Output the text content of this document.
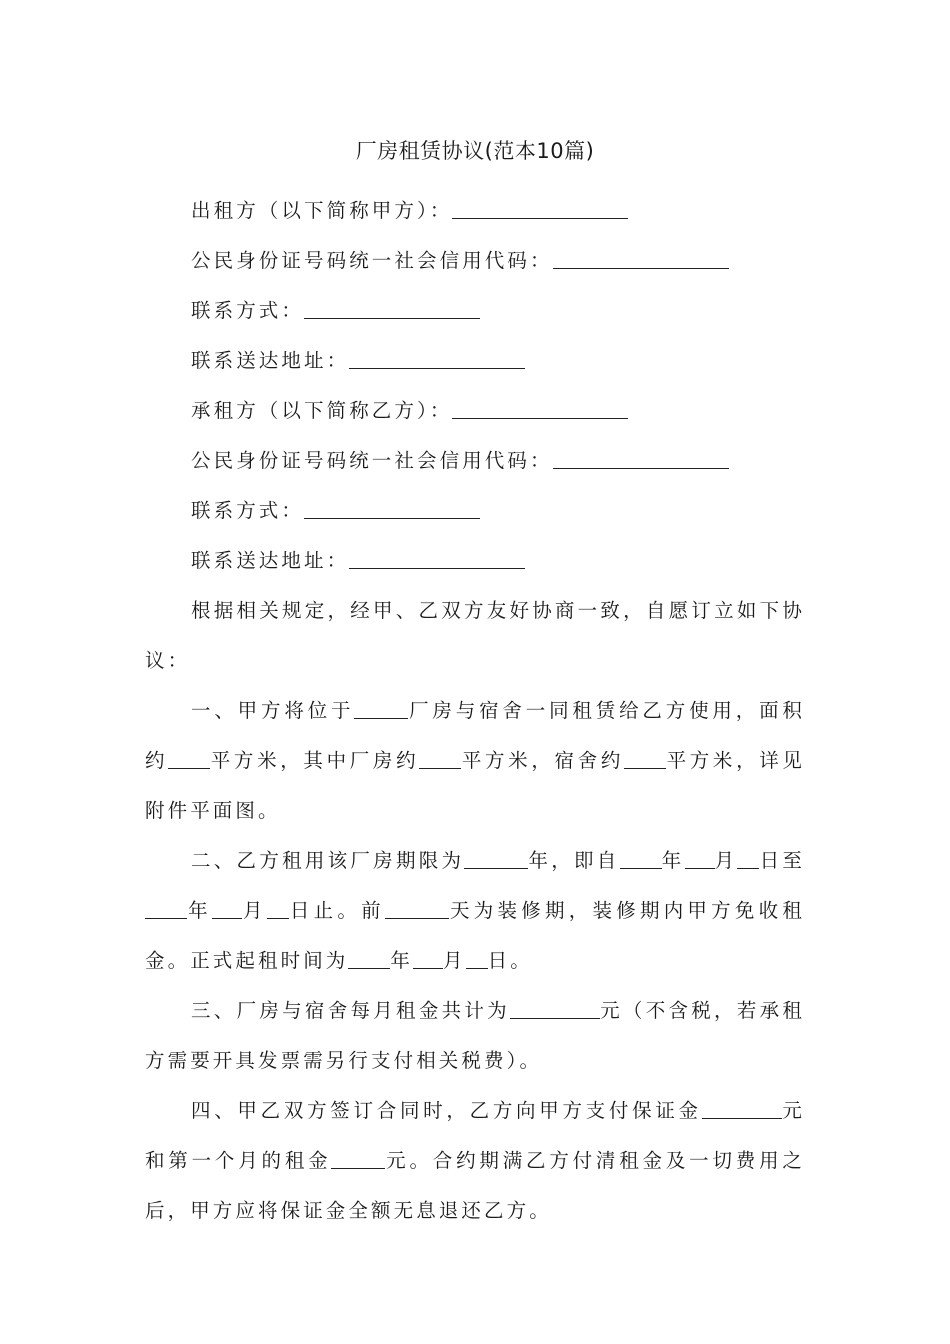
厂房租赁协议(范本10篇)

出租方（以下简称甲方）：

公民身份证号码统一社会信用代码：

联系方式：

联系送达地址：

承租方（以下简称乙方）：

公民身份证号码统一社会信用代码：

联系方式：

联系送达地址：

根据相关规定，经甲、乙双方友好协商一致，自愿订立如下协议：

一、甲方将位于	厂房与宿舍一同租赁给乙方使用，面积约 平方米，其中厂房约 平方米，宿舍约 平方米，详见附件平面图。

二、乙方租用该厂房期限为	年，即自 年 月 日至年 月 日止。前	天为装修期，装修期内甲方免收租金。正式起租时间为 年 月 日。

三、厂房与宿舍每月租金共计为	元（不含税，若承租方需要开具发票需另行支付相关税费）。

四、甲乙双方签订合同时，乙方向甲方支付保证金	元和第一个月的租金	元。合约期满乙方付清租金及一切费用之后，甲方应将保证金全额无息退还乙方。
